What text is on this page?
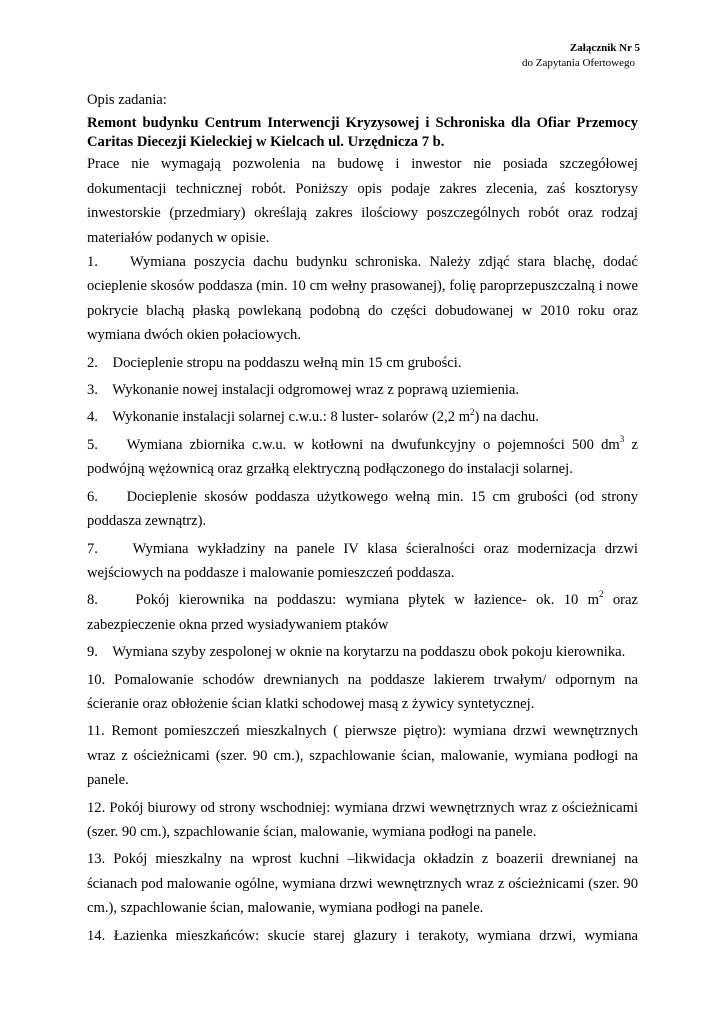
Załącznik Nr 5
do Zapytania Ofertowego

Opis zadania:

Remont budynku Centrum Interwencji Kryzysowej i Schroniska dla Ofiar Przemocy Caritas Diecezji Kieleckiej w Kielcach ul. Urzędnicza 7 b.

Prace nie wymagają pozwolenia na budowę i inwestor nie posiada szczegółowej dokumentacji technicznej robót. Poniższy opis podaje zakres zlecenia, zaś kosztorysy inwestorskie (przedmiary) określają zakres ilościowy poszczególnych robót oraz rodzaj materiałów podanych w opisie.

1.    Wymiana poszycia dachu budynku schroniska. Należy zdjąć stara blachę, dodać ocieplenie skosów poddasza (min. 10 cm wełny prasowanej), folię paroprzepuszczalną i nowe pokrycie blachą płaską powlekaną podobną do części dobudowanej w 2010 roku oraz wymiana dwóch okien połaciowych.
2.    Docieplenie stropu na poddaszu wełną min 15 cm grubości.
3.    Wykonanie nowej instalacji odgromowej wraz z poprawą uziemienia.
4.    Wykonanie instalacji solarnej c.w.u.: 8 luster- solarów (2,2 $m^2$) na dachu.
5.    Wymiana zbiornika c.w.u. w kotłowni na dwufunkcyjny o pojemności 500 $dm^3$ z podwójną wężownicą oraz grzałką elektryczną podłączonego do instalacji solarnej.
6.    Docieplenie skosów poddasza użytkowego wełną min. 15 cm grubości (od strony poddasza zewnątrz).
7.    Wymiana wykładziny na panele IV klasa ścieralności oraz modernizacja drzwi wejściowych na poddasze i malowanie pomieszczeń poddasza.
8.    Pokój kierownika na poddaszu: wymiana płytek w łazience- ok. 10 $m^2$ oraz zabezpieczenie okna przed wysiadywaniem ptaków
9.    Wymiana szyby zespolonej w oknie na korytarzu na poddaszu obok pokoju kierownika.
10. Pomalowanie schodów drewnianych na poddasze lakierem trwałym/ odpornym na ścieranie oraz obłożenie ścian klatki schodowej masą z żywicy syntetycznej.
11. Remont pomieszczeń mieszkalnych ( pierwsze piętro): wymiana drzwi wewnętrznych wraz z ościeżnicami (szer. 90 cm.), szpachlowanie ścian, malowanie, wymiana podłogi na panele.
12. Pokój biurowy od strony wschodniej: wymiana drzwi wewnętrznych wraz z ościeżnicami (szer. 90 cm.), szpachlowanie ścian, malowanie, wymiana podłogi na panele.
13. Pokój mieszkalny na wprost kuchni –likwidacja okładzin z boazerii drewnianej na ścianach pod malowanie ogólne, wymiana drzwi wewnętrznych wraz z ościeżnicami (szer. 90 cm.), szpachlowanie ścian, malowanie, wymiana podłogi na panele.
14. Łazienka mieszkańców: skucie starej glazury i terakoty, wymiana drzwi, wymiana
